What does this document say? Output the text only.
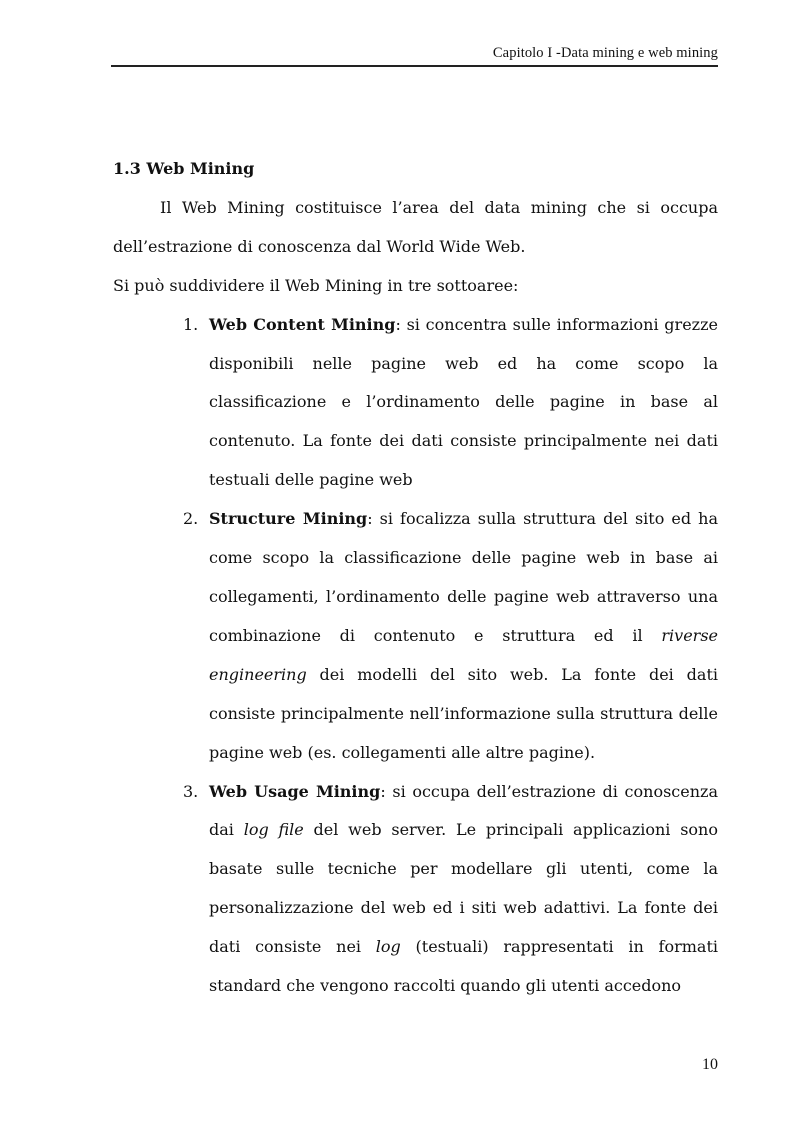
Capitolo I -Data mining e web mining

1.3 Web Mining

Il Web Mining costituisce l’area del data mining che si occupa dell’estrazione di conoscenza dal World Wide Web.

Si può suddividere il Web Mining in tre sottoaree:

1. Web Content Mining: si concentra sulle informazioni grezze disponibili nelle pagine web ed ha come scopo la classificazione e l’ordinamento delle pagine in base al contenuto. La fonte dei dati consiste principalmente nei dati testuali delle pagine web
2. Structure Mining: si focalizza sulla struttura del sito ed ha come scopo la classificazione delle pagine web in base ai collegamenti, l’ordinamento delle pagine web attraverso una combinazione di contenuto e struttura ed il riverse engineering dei modelli del sito web. La fonte dei dati consiste principalmente nell’informazione sulla struttura delle pagine web (es. collegamenti alle altre pagine).
3. Web Usage Mining: si occupa dell’estrazione di conoscenza dai log file del web server. Le principali applicazioni sono basate sulle tecniche per modellare gli utenti, come la personalizzazione del web ed i siti web adattivi. La fonte dei dati consiste nei log (testuali) rappresentati in formati standard che vengono raccolti quando gli utenti accedono
10
